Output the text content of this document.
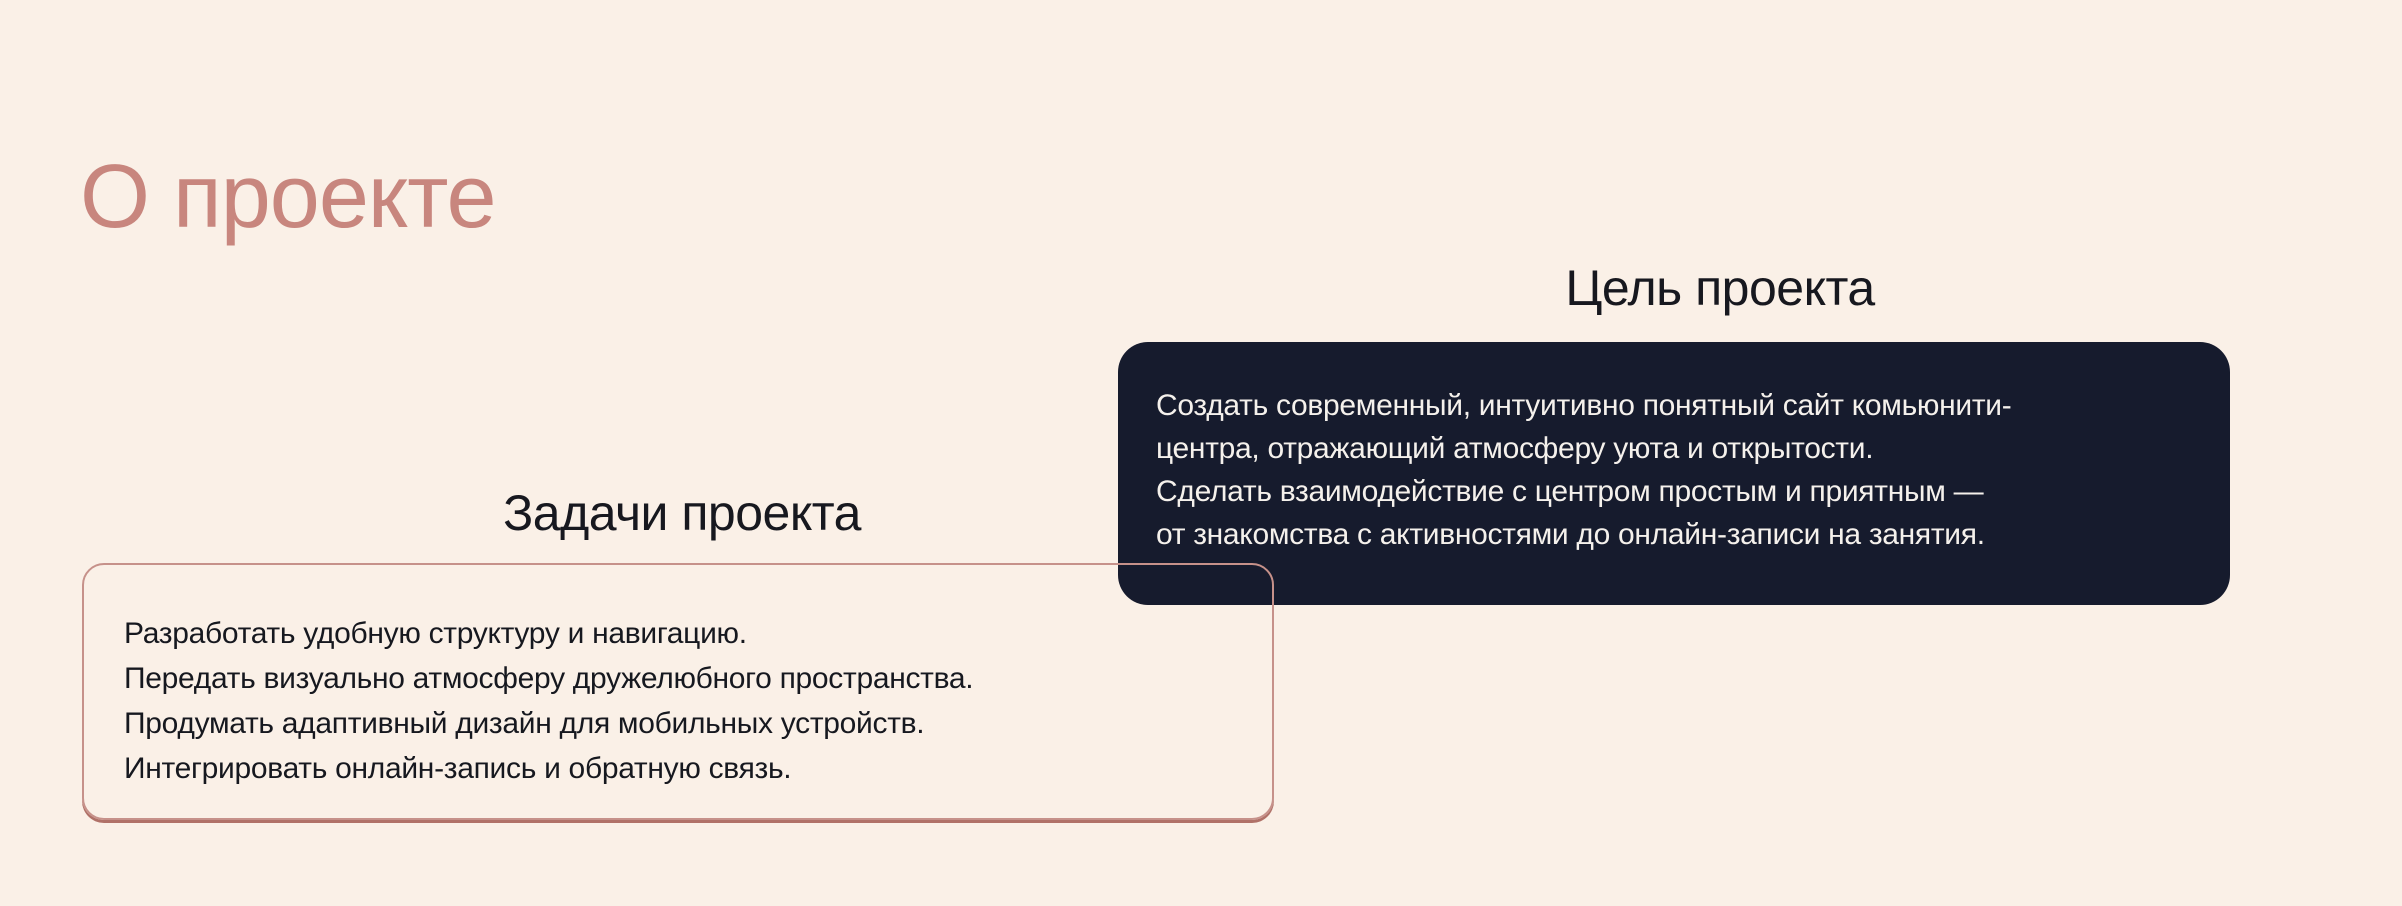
О проекте
Цель проекта
Создать современный, интуитивно понятный сайт комьюнити-
центра, отражающий атмосферу уюта и открытости.
Сделать взаимодействие с центром простым и приятным —
от знакомства с активностями до онлайн-записи на занятия.
Задачи проекта
Разработать удобную структуру и навигацию.
Передать визуально атмосферу дружелюбного пространства.
Продумать адаптивный дизайн для мобильных устройств.
Интегрировать онлайн-запись и обратную связь.
